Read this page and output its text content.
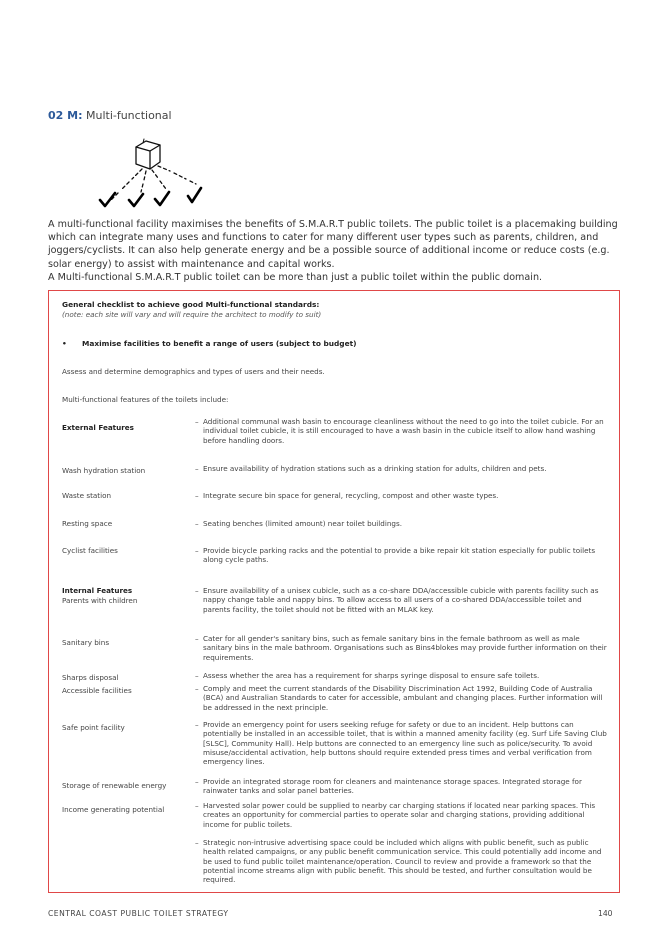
02 M: Multi-functional

A multi-functional facility maximises the benefits of S.M.A.R.T public toilets. The public toilet is a placemaking building which can integrate many uses and functions to cater for many different user types such as parents, children, and joggers/cyclists. It can also help generate energy and be a possible source of additional income or reduce costs (e.g. solar energy) to assist with maintenance and capital works.

A Multi-functional S.M.A.R.T public toilet can be more than just a public toilet within the public domain.

General checklist to achieve good Multi-functional standards:
(note: each site will vary and will require the architect to modify to suit)
• Maximise facilities to benefit a range of users (subject to budget)
Assess and determine demographics and types of users and their needs.
Multi-functional features of the toilets include:
External Features
– Additional communal wash basin to encourage cleanliness without the need to go into the toilet cubicle. For an individual toilet cubicle, it is still encouraged to have a wash basin in the cubicle itself to allow hand washing before handling doors.
Wash hydration station	– Ensure availability of hydration stations such as a drinking station for adults, children and pets.
Waste station	– Integrate secure bin space for general, recycling, compost and other waste types.
Resting space	– Seating benches (limited amount) near toilet buildings.
Cyclist facilities	– Provide bicycle parking racks and the potential to provide a bike repair kit station especially for public toilets along cycle paths.
Internal Features
Parents with children
– Ensure availability of a unisex cubicle, such as a co-share DDA/accessible cubicle with parents facility such as nappy change table and nappy bins. To allow access to all users of a co-shared DDA/accessible toilet and parents facility, the toilet should not be fitted with an MLAK key.
Sanitary bins	– Cater for all gender's sanitary bins, such as female sanitary bins in the female bathroom as well as male sanitary bins in the male bathroom. Organisations such as Bins4blokes may provide further information on their requirements.
Sharps disposal	– Assess whether the area has a requirement for sharps syringe disposal to ensure safe toilets.
Accessible facilities	– Comply and meet the current standards of the Disability Discrimination Act 1992, Building Code of Australia (BCA) and Australian Standards to cater for accessible, ambulant and changing places. Further information will be addressed in the next principle.
Safe point facility	– Provide an emergency point for users seeking refuge for safety or due to an incident. Help buttons can potentially be installed in an accessible toilet, that is within a manned amenity facility (eg. Surf Life Saving Club [SLSC], Community Hall). Help buttons are connected to an emergency line such as police/security. To avoid misuse/accidental activation, help buttons should require extended press times and verbal verification from emergency lines.
Storage of renewable energy	– Provide an integrated storage room for cleaners and maintenance storage spaces. Integrated storage for rainwater tanks and solar panel batteries.
Income generating potential	– Harvested solar power could be supplied to nearby car charging stations if located near parking spaces. This creates an opportunity for commercial parties to operate solar and charging stations, providing additional income for public toilets.
– Strategic non-intrusive advertising space could be included which aligns with public benefit, such as public health related campaigns, or any public benefit communication service. This could potentially add income and be used to fund public toilet maintenance/operation. Council to review and provide a framework so that the potential income streams align with public benefit. This should be tested, and further consultation would be required.
CENTRAL COAST PUBLIC TOILET STRATEGY	140
